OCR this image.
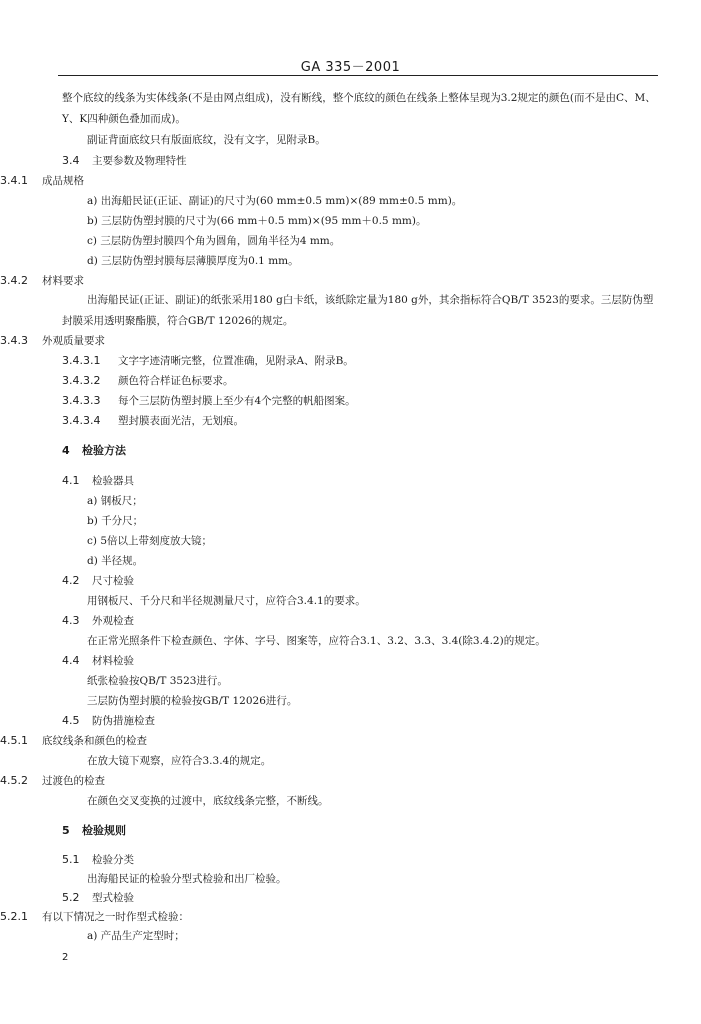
GA 335－2001
整个底纹的线条为实体线条(不是由网点组成)，没有断线，整个底纹的颜色在线条上整体呈现为3.2规定的颜色(而不是由C、M、Y、K四种颜色叠加而成)。
副证背面底纹只有版面底纹，没有文字，见附录B。
3.4 主要参数及物理特性
3.4.1 成品规格
a) 出海船民证(正证、副证)的尺寸为(60 mm±0.5 mm)×(89 mm±0.5 mm)。
b) 三层防伪塑封膜的尺寸为(66 mm＋0.5 mm)×(95 mm＋0.5 mm)。
c) 三层防伪塑封膜四个角为圆角，圆角半径为4 mm。
d) 三层防伪塑封膜每层薄膜厚度为0.1 mm。
3.4.2 材料要求
出海船民证(正证、副证)的纸张采用180 g白卡纸，该纸除定量为180 g外，其余指标符合QB/T 3523的要求。三层防伪塑封膜采用透明聚酯膜，符合GB/T 12026的规定。
3.4.3 外观质量要求
3.4.3.1 文字字迹清晰完整，位置准确，见附录A、附录B。
3.4.3.2 颜色符合样证色标要求。
3.4.3.3 每个三层防伪塑封膜上至少有4个完整的帆船图案。
3.4.3.4 塑封膜表面光洁，无划痕。
4 检验方法
4.1 检验器具
a) 钢板尺；
b) 千分尺；
c) 5倍以上带刻度放大镜；
d) 半径规。
4.2 尺寸检验
用钢板尺、千分尺和半径规测量尺寸，应符合3.4.1的要求。
4.3 外观检查
在正常光照条件下检查颜色、字体、字号、图案等，应符合3.1、3.2、3.3、3.4(除3.4.2)的规定。
4.4 材料检验
纸张检验按QB/T 3523进行。
三层防伪塑封膜的检验按GB/T 12026进行。
4.5 防伪措施检查
4.5.1 底纹线条和颜色的检查
在放大镜下观察，应符合3.3.4的规定。
4.5.2 过渡色的检查
在颜色交叉变换的过渡中，底纹线条完整，不断线。
5 检验规则
5.1 检验分类
出海船民证的检验分型式检验和出厂检验。
5.2 型式检验
5.2.1 有以下情况之一时作型式检验：
a) 产品生产定型时；
2
